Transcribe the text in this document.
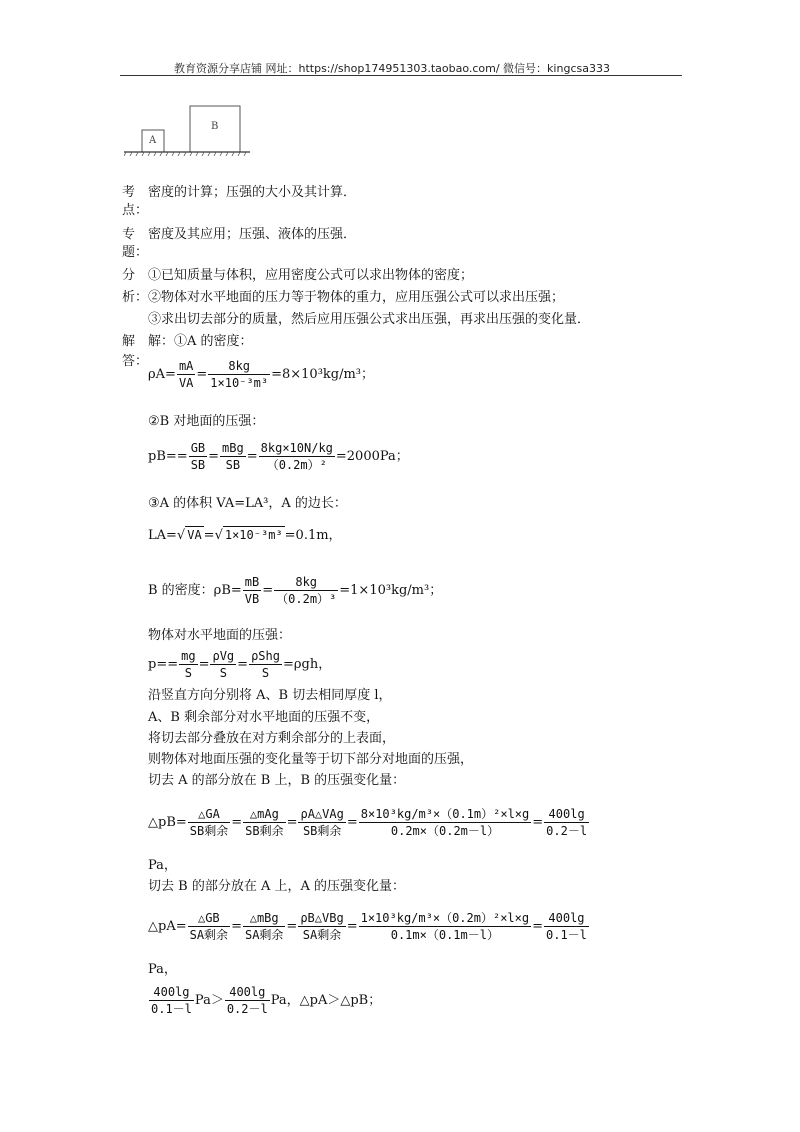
教育资源分享店铺 网址：https://shop174951303.taobao.com/ 微信号：kingcsa333
A
B
考
点：
密度的计算；压强的大小及其计算．
专
题：
密度及其应用；压强、液体的压强．
分
析：
①已知质量与体积，应用密度公式可以求出物体的密度；
②物体对水平地面的压力等于物体的重力，应用压强公式可以求出压强；
③求出切去部分的质量，然后应用压强公式求出压强，再求出压强的变化量．
解
答：
解：①A 的密度：
$\rho A= \frac{mA}{VA} = \frac{8kg}{\text{1×10⁻³m³}} =8\times 10^3kg/m^3$；
②B 对地面的压强：
$pB== \frac{GB}{SB} = \frac{\text{mBg}}{SB} = \frac{8kg\times 10N/kg}{\text{（0.2m）²}} =2000Pa$；
③A 的体积 VA=LA³，A 的边长：
LA=√ VA =√ 1×10⁻³m³ =0.1m，
B 的密度：$\rho B= \frac{mB}{VB} = \frac{8kg}{\text{（0.2m）³}} =1\times 10^3kg/m^3$；
物体对水平地面的压强：
$p== \frac{mg}{S} = \frac{\text{ρVg}}{S} = \frac{\text{ρShg}}{S} =\rho gh$，
沿竖直方向分别将 A、B 切去相同厚度 l，
A、B 剩余部分对水平地面的压强不变，
将切去部分叠放在对方剩余部分的上表面，
则物体对地面压强的变化量等于切下部分对地面的压强，
切去 A 的部分放在 B 上，B 的压强变化量：
△pB= $\frac{\triangle GA}{\text{SB剩余}} = \frac{\text{△mAg}}{\text{SB剩余}} = \frac{\text{ρA△VAg}}{\text{SB剩余}} = \frac{\text{8×10³kg/m³×（0.1m）²×l×g}}{0.2m\times(0.2m-l)} = \frac{400\lg}{0.2-l}$
Pa，
切去 B 的部分放在 A 上，A 的压强变化量：
△pA= $\frac{\triangle GB}{\text{SA剩余}} = \frac{\text{△mBg}}{\text{SA剩余}} = \frac{\text{ρB△VBg}}{\text{SA剩余}} = \frac{\text{1×10³kg/m³×（0.2m）²×l×g}}{0.1m\times(0.1m-l)} = \frac{400\lg}{0.1-l}$
Pa，
$\frac{400\lg}{0.1-l} Pa> \frac{400\lg}{0.2-l}$ Pa，△pA＞△pB；
